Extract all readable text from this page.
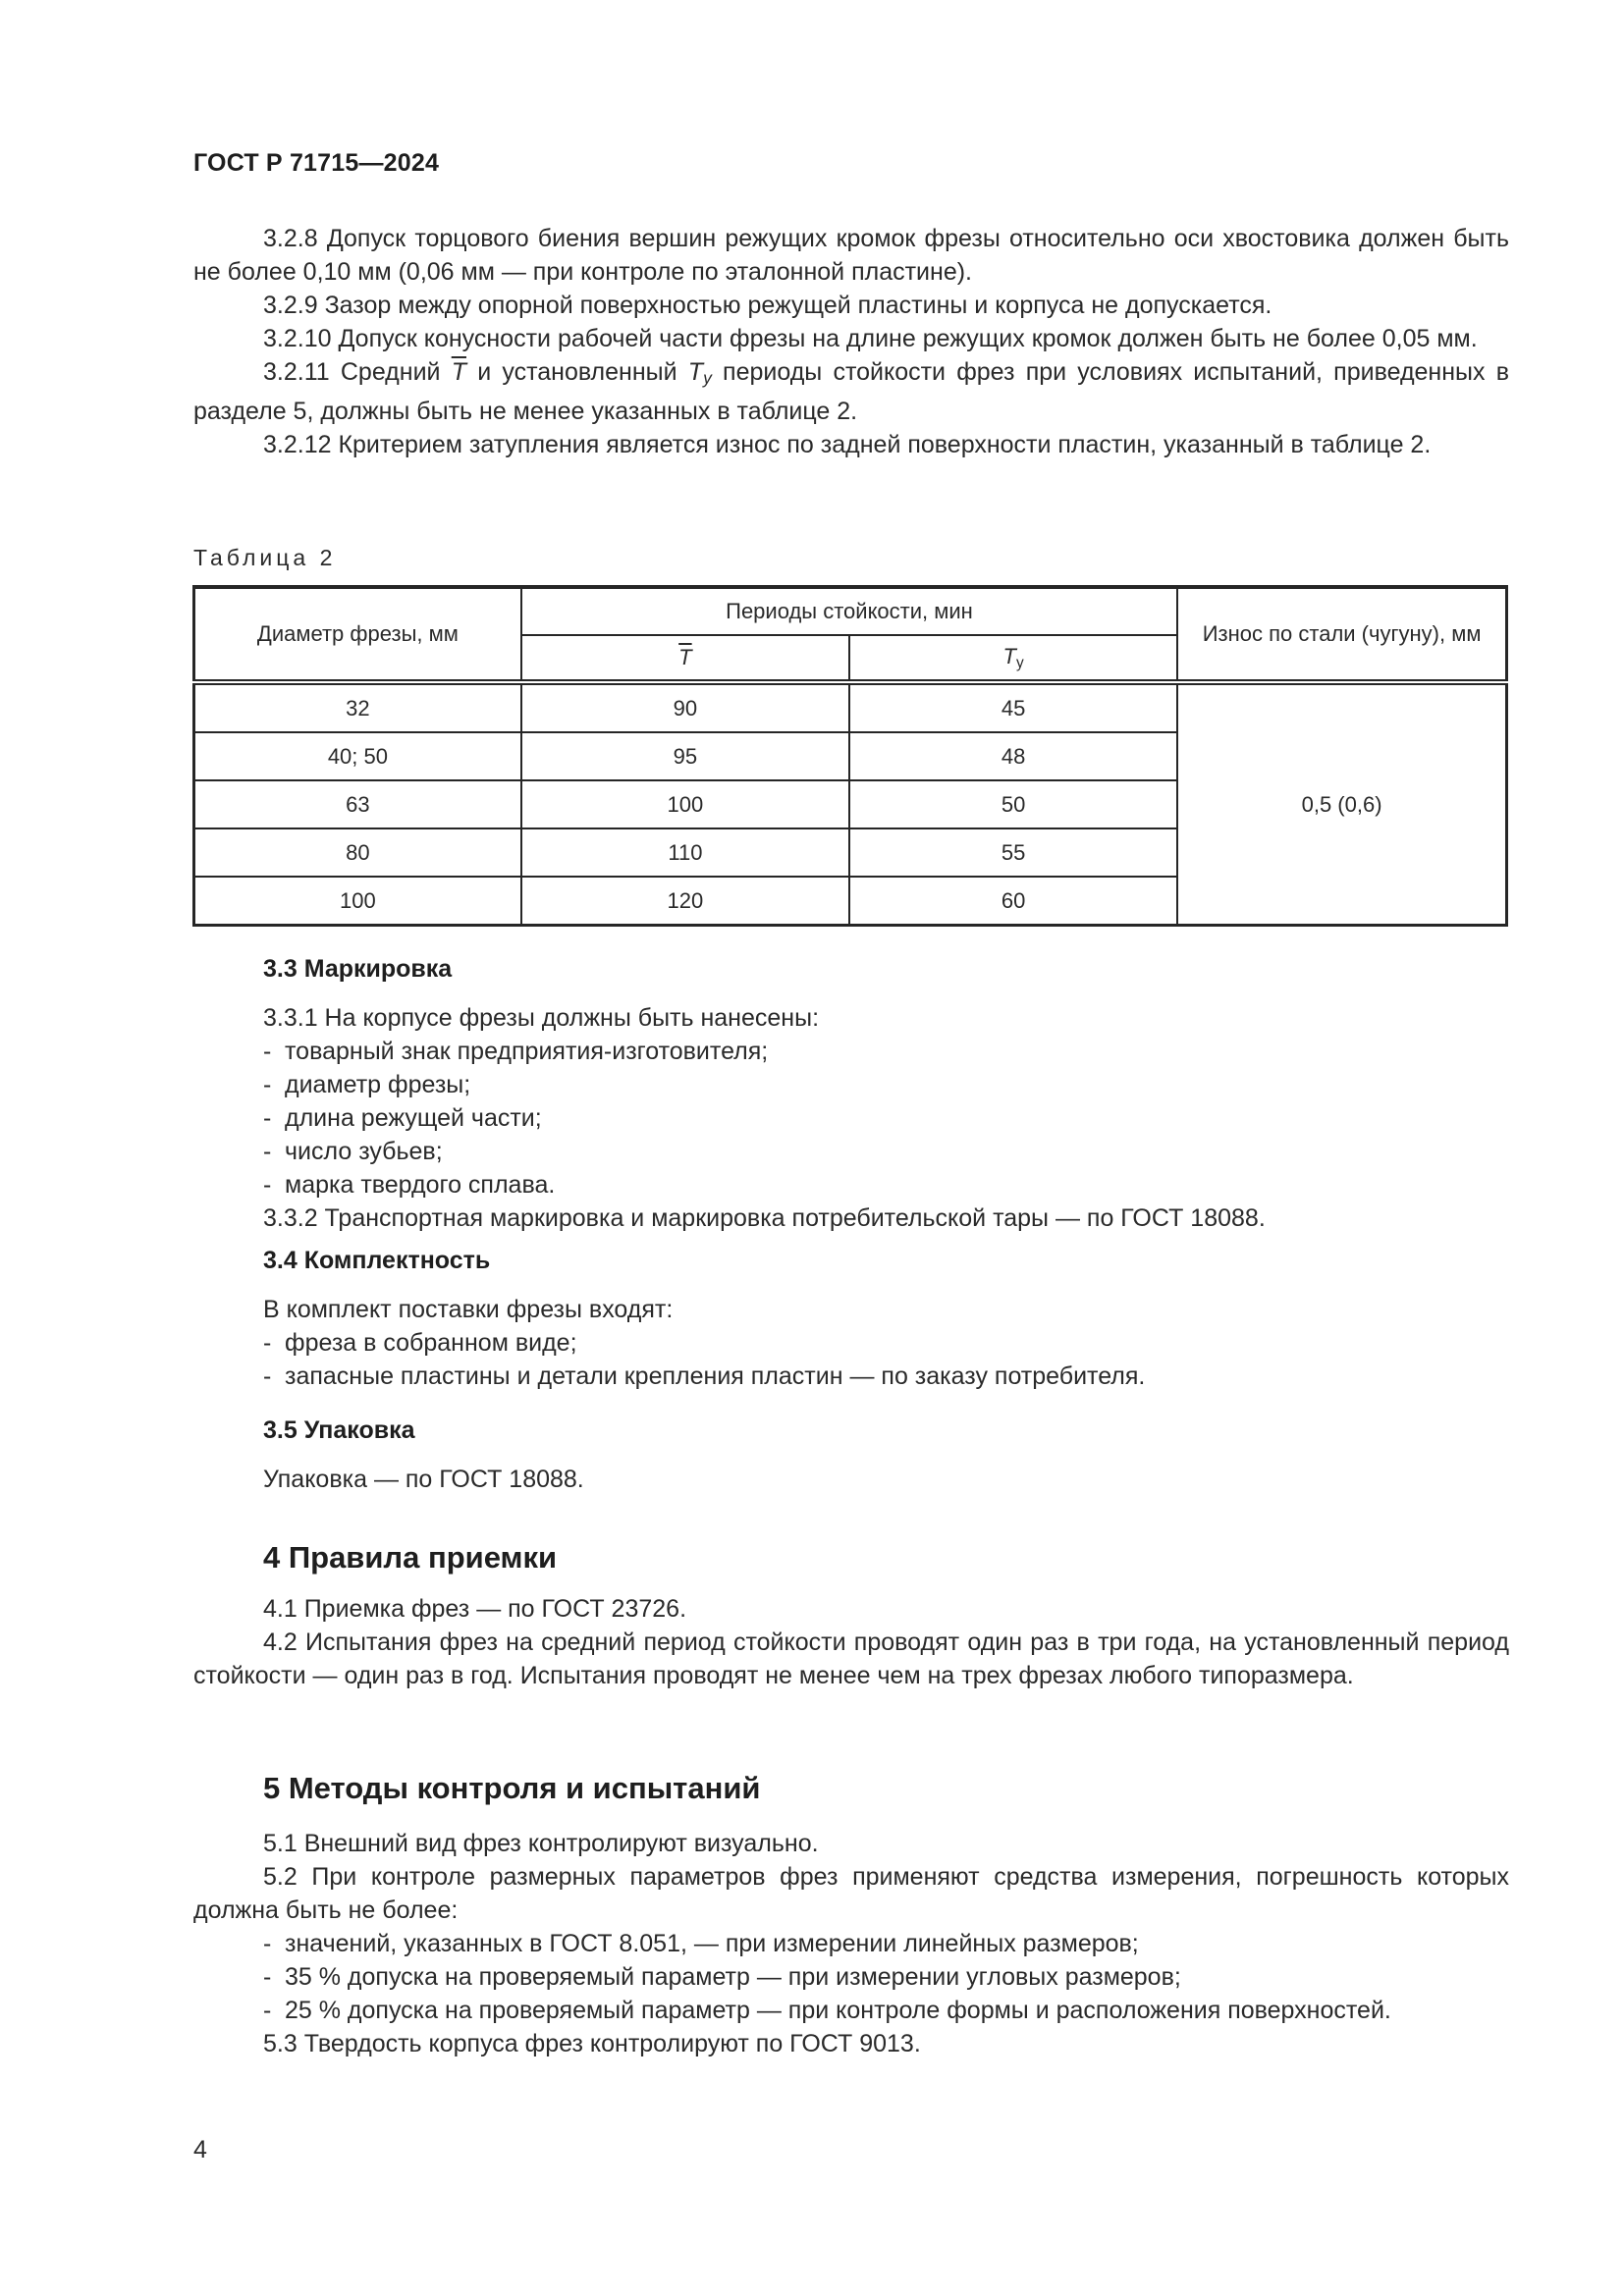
ГОСТ Р 71715—2024

3.2.8 Допуск торцового биения вершин режущих кромок фрезы относительно оси хвостовика должен быть не более 0,10 мм (0,06 мм — при контроле по эталонной пластине).

3.2.9 Зазор между опорной поверхностью режущей пластины и корпуса не допускается.

3.2.10 Допуск конусности рабочей части фрезы на длине режущих кромок должен быть не более 0,05 мм.

3.2.11 Средний $\overline{T}$ и установленный $T_у$ периоды стойкости фрез при условиях испытаний, приведенных в разделе 5, должны быть не менее указанных в таблице 2.

3.2.12 Критерием затупления является износ по задней поверхности пластин, указанный в таблице 2.

Таблица 2
Диаметр фрезы, мм	Периоды стойкости, мин		Износ по стали (чугуну), мм
	$\overline{T}$	$T_у$
32	90	45	0,5 (0,6)
40; 50	95	48	
63	100	50	
80	110	55	
100	120	60	

3.3 Маркировка

3.3.1 На корпусе фрезы должны быть нанесены:

- товарный знак предприятия-изготовителя;

- диаметр фрезы;

- длина режущей части;

- число зубьев;

- марка твердого сплава.

3.3.2 Транспортная маркировка и маркировка потребительской тары — по ГОСТ 18088.

3.4 Комплектность

В комплект поставки фрезы входят:

- фреза в собранном виде;

- запасные пластины и детали крепления пластин — по заказу потребителя.

3.5 Упаковка

Упаковка — по ГОСТ 18088.

4 Правила приемки

4.1 Приемка фрез — по ГОСТ 23726.

4.2 Испытания фрез на средний период стойкости проводят один раз в три года, на установленный период стойкости — один раз в год. Испытания проводят не менее чем на трех фрезах любого типоразмера.

5 Методы контроля и испытаний

5.1 Внешний вид фрез контролируют визуально.

5.2 При контроле размерных параметров фрез применяют средства измерения, погрешность которых должна быть не более:

- значений, указанных в ГОСТ 8.051, — при измерении линейных размеров;

- 35 % допуска на проверяемый параметр — при измерении угловых размеров;

- 25 % допуска на проверяемый параметр — при контроле формы и расположения поверхностей.

5.3 Твердость корпуса фрез контролируют по ГОСТ 9013.

4
